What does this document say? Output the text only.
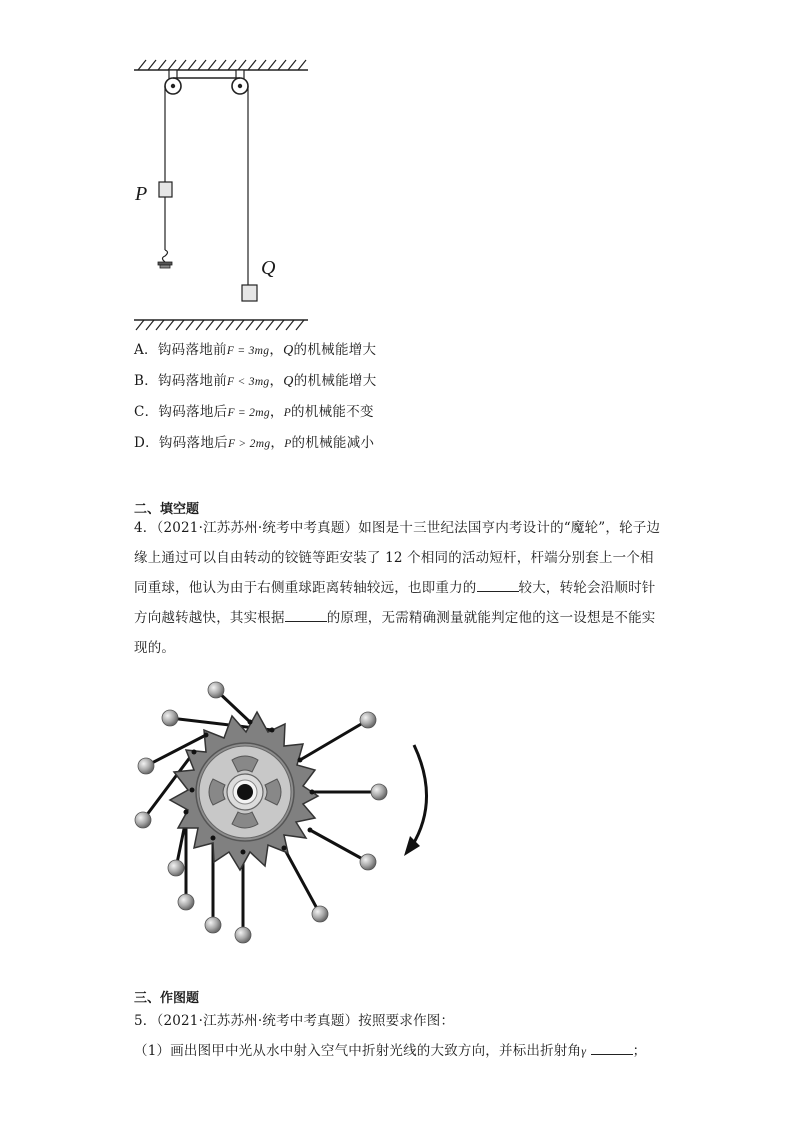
P
Q
A．钩码落地前F = 3mg，Q的机械能增大
B．钩码落地前F < 3mg，Q的机械能增大
C．钩码落地后F = 2mg，P的机械能不变
D．钩码落地后F > 2mg，P的机械能减小
二、填空题
4．（2021·江苏苏州·统考中考真题）如图是十三世纪法国亨内考设计的“魔轮”，轮子边
缘上通过可以自由转动的铰链等距安装了 12 个相同的活动短杆，杆端分别套上一个相
同重球，他认为由于右侧重球距离转轴较远，也即重力的	较大，转轮会沿顺时针
方向越转越快，其实根据	的原理，无需精确测量就能判定他的这一设想是不能实
现的。
三、作图题
5．（2021·江苏苏州·统考中考真题）按照要求作图：
（1）画出图甲中光从水中射入空气中折射光线的大致方向，并标出折射角γ	；
